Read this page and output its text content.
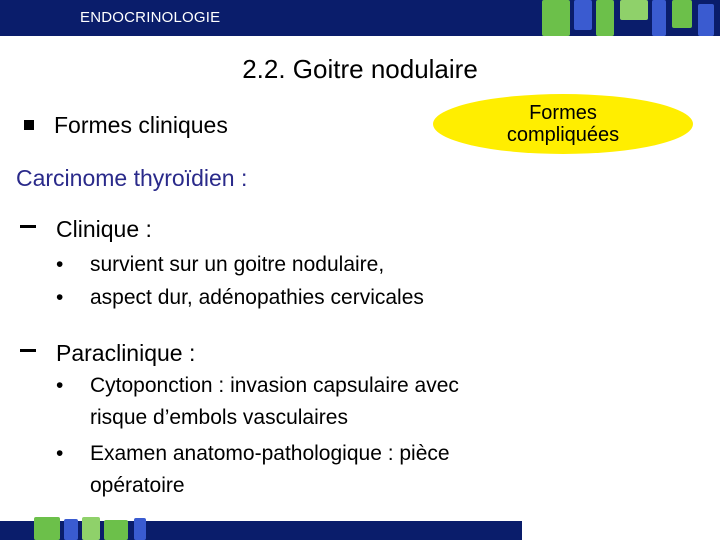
ENDOCRINOLOGIE
2.2. Goitre nodulaire
Formes cliniques	Formes
compliquées
Carcinome thyroïdien :
Clinique :
• survient sur un goitre nodulaire,
• aspect dur, adénopathies cervicales
Paraclinique :
• Cytoponction : invasion capsulaire avec
risque d’embols vasculaires
• Examen anatomo-pathologique : pièce
opératoire
